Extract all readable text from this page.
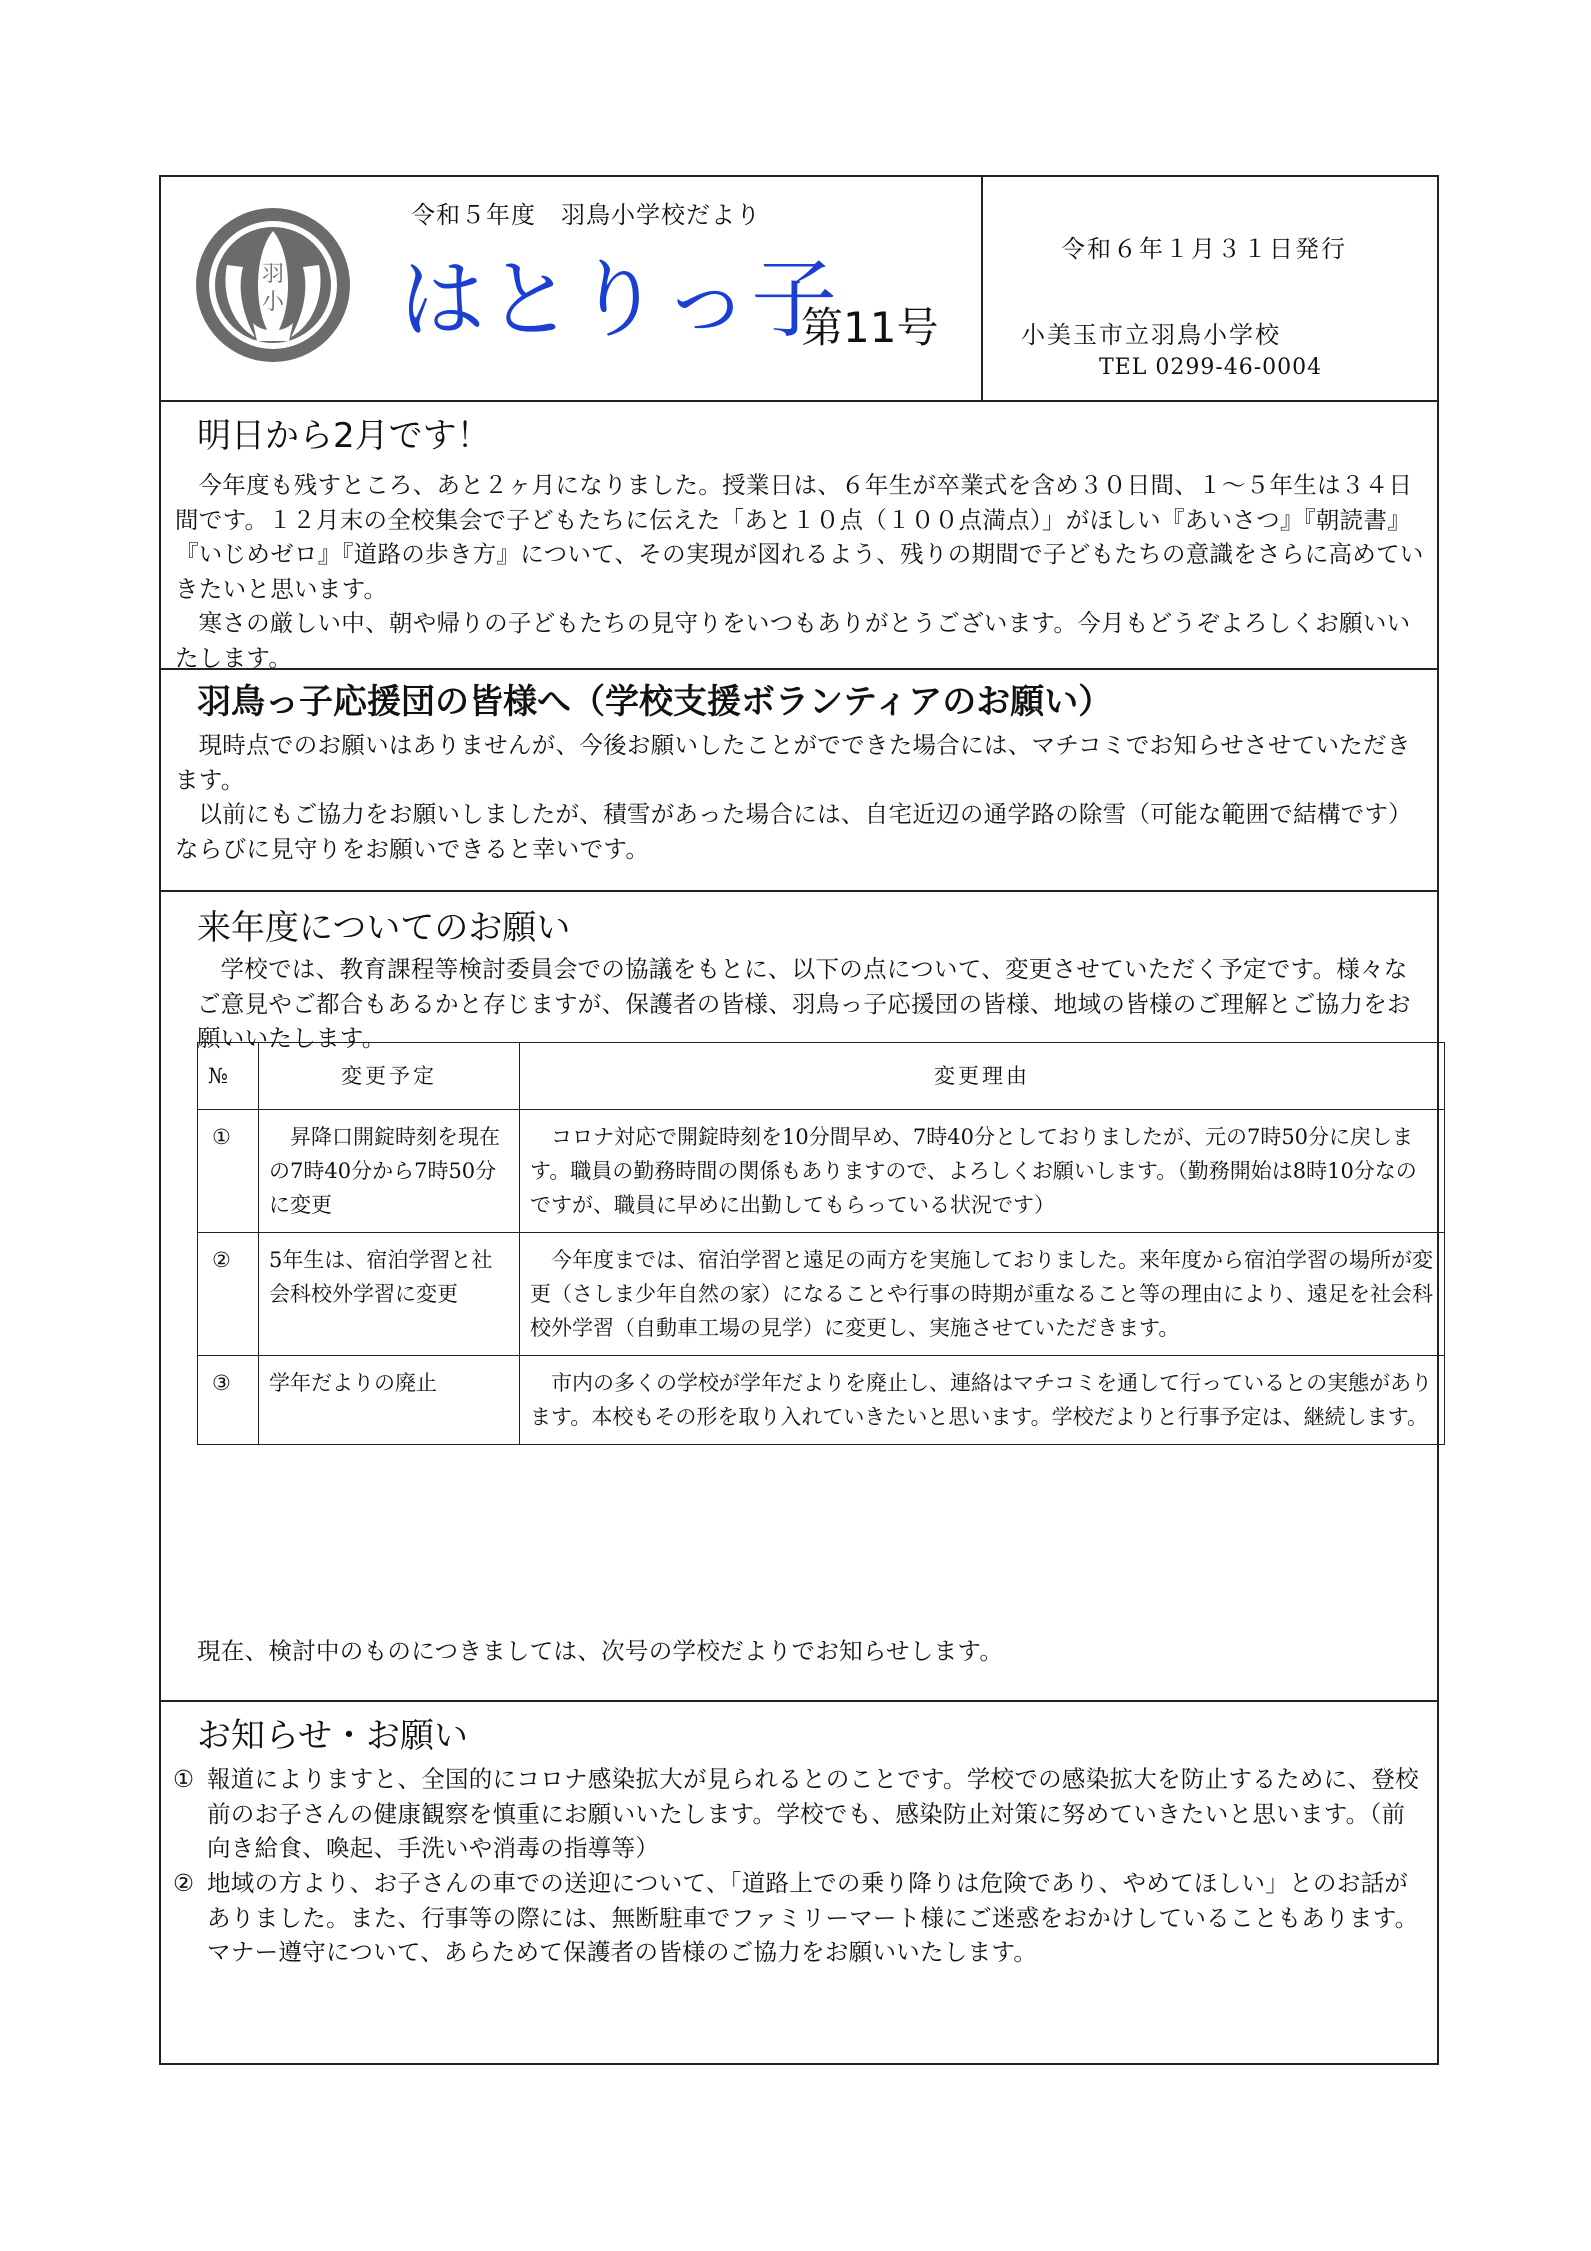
羽
小
令和５年度　羽鳥小学校だより
はとりっ子
第11号
令和６年１月３１日発行
小美玉市立羽鳥小学校
TEL 0299-46-0004
明日から2月です！

今年度も残すところ、あと２ヶ月になりました。授業日は、６年生が卒業式を含め３０日間、１～５年生は３４日間です。１２月末の全校集会で子どもたちに伝えた「あと１０点（１００点満点）」がほしい『あいさつ』『朝読書』『いじめゼロ』『道路の歩き方』について、その実現が図れるよう、残りの期間で子どもたちの意識をさらに高めていきたいと思います。

寒さの厳しい中、朝や帰りの子どもたちの見守りをいつもありがとうございます。今月もどうぞよろしくお願いいたします。

羽鳥っ子応援団の皆様へ（学校支援ボランティアのお願い）

現時点でのお願いはありませんが、今後お願いしたことがでできた場合には、マチコミでお知らせさせていただきます。

以前にもご協力をお願いしましたが、積雪があった場合には、自宅近辺の通学路の除雪（可能な範囲で結構です）ならびに見守りをお願いできると幸いです。

来年度についてのお願い

学校では、教育課程等検討委員会での協議をもとに、以下の点について、変更させていただく予定です。様々なご意見やご都合もあるかと存じますが、保護者の皆様、羽鳥っ子応援団の皆様、地域の皆様のご理解とご協力をお願いいたします。

№	変更予定	変更理由
①	昇降口開錠時刻を現在の7時40分から7時50分に変更	コロナ対応で開錠時刻を10分間早め、7時40分としておりましたが、元の7時50分に戻します。職員の勤務時間の関係もありますので、よろしくお願いします。（勤務開始は8時10分なのですが、職員に早めに出勤してもらっている状況です）
②	5年生は、宿泊学習と社会科校外学習に変更	今年度までは、宿泊学習と遠足の両方を実施しておりました。来年度から宿泊学習の場所が変更（さしま少年自然の家）になることや行事の時期が重なること等の理由により、遠足を社会科校外学習（自動車工場の見学）に変更し、実施させていただきます。
③	学年だよりの廃止	市内の多くの学校が学年だよりを廃止し、連絡はマチコミを通して行っているとの実態があります。本校もその形を取り入れていきたいと思います。学校だよりと行事予定は、継続します。
現在、検討中のものにつきましては、次号の学校だよりでお知らせします。
お知らせ・お願い
① 報道によりますと、全国的にコロナ感染拡大が見られるとのことです。学校での感染拡大を防止するために、登校前のお子さんの健康観察を慎重にお願いいたします。学校でも、感染防止対策に努めていきたいと思います。（前向き給食、喚起、手洗いや消毒の指導等）
② 地域の方より、お子さんの車での送迎について、「道路上での乗り降りは危険であり、やめてほしい」とのお話がありました。また、行事等の際には、無断駐車でファミリーマート様にご迷惑をおかけしていることもあります。マナー遵守について、あらためて保護者の皆様のご協力をお願いいたします。
